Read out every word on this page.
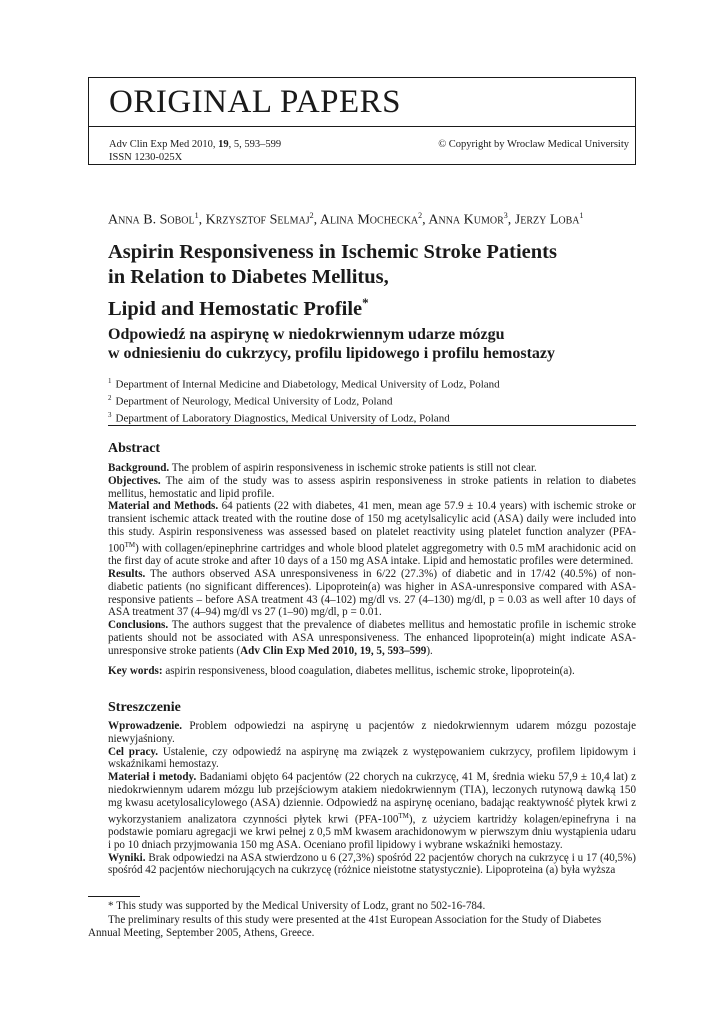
ORIGINAL PAPERS
Adv Clin Exp Med 2010, 19, 5, 593–599
ISSN 1230-025X
© Copyright by Wroclaw Medical University
Anna B. Sobol$^1$, Krzysztof Selmaj$^2$, Alina Mochecka$^2$, Anna Kumor$^3$, Jerzy Loba$^1$
Aspirin Responsiveness in Ischemic Stroke Patients
in Relation to Diabetes Mellitus,
Lipid and Hemostatic Profile*
Odpowiedź na aspirynę w niedokrwiennym udarze mózgu
w odniesieniu do cukrzycy, profilu lipidowego i profilu hemostazy
$^1$ Department of Internal Medicine and Diabetology, Medical University of Lodz, Poland
$^2$ Department of Neurology, Medical University of Lodz, Poland
$^3$ Department of Laboratory Diagnostics, Medical University of Lodz, Poland
Abstract

Background. The problem of aspirin responsiveness in ischemic stroke patients is still not clear.

Objectives. The aim of the study was to assess aspirin responsiveness in stroke patients in relation to diabetes mellitus, hemostatic and lipid profile.

Material and Methods. 64 patients (22 with diabetes, 41 men, mean age 57.9 ± 10.4 years) with ischemic stroke or transient ischemic attack treated with the routine dose of 150 mg acetylsalicylic acid (ASA) daily were included into this study. Aspirin responsiveness was assessed based on platelet reactivity using platelet function analyzer (PFA-100™) with collagen/epinephrine cartridges and whole blood platelet aggregometry with 0.5 mM arachidonic acid on the first day of acute stroke and after 10 days of a 150 mg ASA intake. Lipid and hemostatic profiles were determined.

Results. The authors observed ASA unresponsiveness in 6/22 (27.3%) of diabetic and in 17/42 (40.5%) of non-diabetic patients (no significant differences). Lipoprotein(a) was higher in ASA-unresponsive compared with ASA-responsive patients – before ASA treatment 43 (4–102) mg/dl vs. 27 (4–130) mg/dl, p = 0.03 as well after 10 days of ASA treatment 37 (4–94) mg/dl vs 27 (1–90) mg/dl, p = 0.01.

Conclusions. The authors suggest that the prevalence of diabetes mellitus and hemostatic profile in ischemic stroke patients should not be associated with ASA unresponsiveness. The enhanced lipoprotein(a) might indicate ASA-unresponsive stroke patients (Adv Clin Exp Med 2010, 19, 5, 593–599).

Key words: aspirin responsiveness, blood coagulation, diabetes mellitus, ischemic stroke, lipoprotein(a).

Streszczenie

Wprowadzenie. Problem odpowiedzi na aspirynę u pacjentów z niedokrwiennym udarem mózgu pozostaje niewyjaśniony.

Cel pracy. Ustalenie, czy odpowiedź na aspirynę ma związek z występowaniem cukrzycy, profilem lipidowym i wskaźnikami hemostazy.

Materiał i metody. Badaniami objęto 64 pacjentów (22 chorych na cukrzycę, 41 M, średnia wieku 57,9 ± 10,4 lat) z niedokrwiennym udarem mózgu lub przejściowym atakiem niedokrwiennym (TIA), leczonych rutynową dawką 150 mg kwasu acetylosalicylowego (ASA) dziennie. Odpowiedź na aspirynę oceniano, badając reaktywność płytek krwi z wykorzystaniem analizatora czynności płytek krwi (PFA-100™), z użyciem kartridży kolagen/epinefryna i na podstawie pomiaru agregacji we krwi pełnej z 0,5 mM kwasem arachidonowym w pierwszym dniu wystąpienia udaru i po 10 dniach przyjmowania 150 mg ASA. Oceniano profil lipidowy i wybrane wskaźniki hemostazy.

Wyniki. Brak odpowiedzi na ASA stwierdzono u 6 (27,3%) spośród 22 pacjentów chorych na cukrzycę i u 17 (40,5%) spośród 42 pacjentów niechorujących na cukrzycę (różnice nieistotne statystycznie). Lipoproteina (a) była wyższa

* This study was supported by the Medical University of Lodz, grant no 502-16-784.

The preliminary results of this study were presented at the 41st European Association for the Study of Diabetes Annual Meeting, September 2005, Athens, Greece.
